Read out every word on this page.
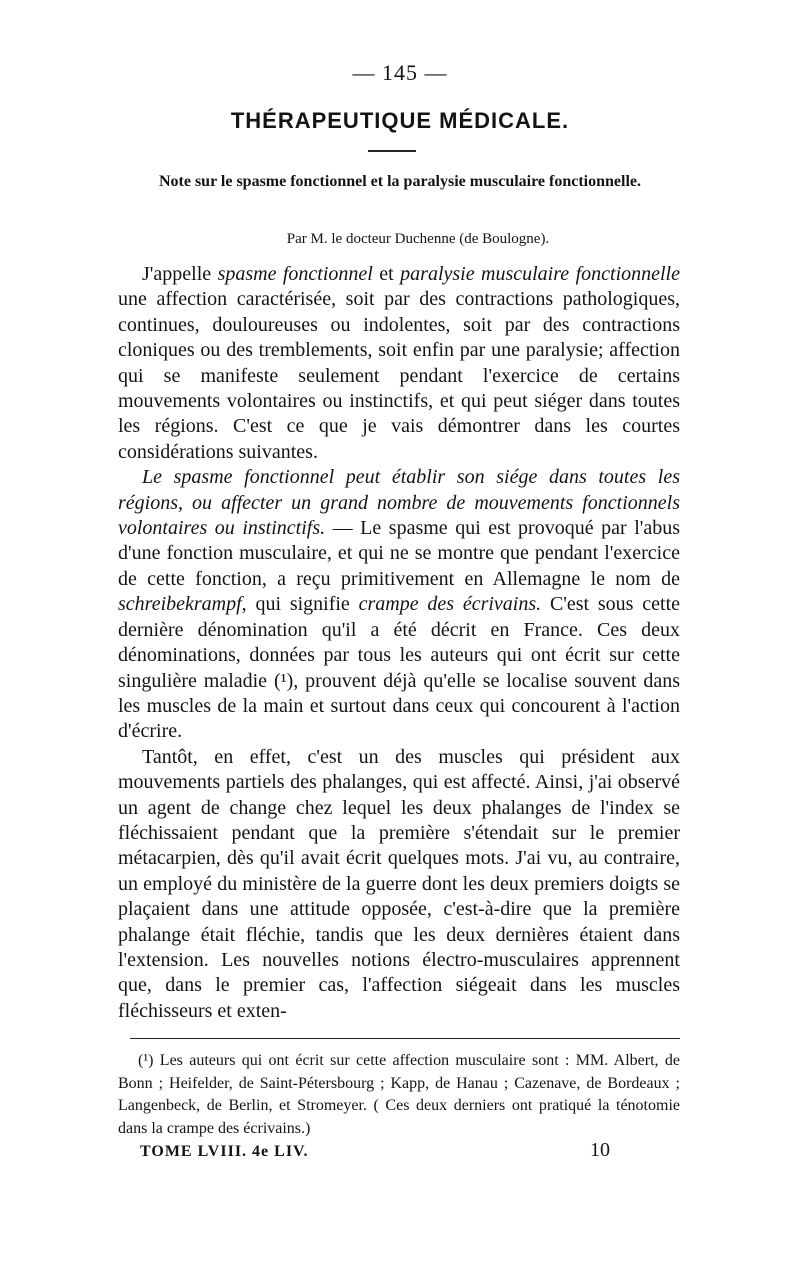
— 145 —
THÉRAPEUTIQUE MÉDICALE.
Note sur le spasme fonctionnel et la paralysie musculaire fonctionnelle.
Par M. le docteur Duchenne (de Boulogne).

J'appelle spasme fonctionnel et paralysie musculaire fonctionnelle une affection caractérisée, soit par des contractions pathologiques, continues, douloureuses ou indolentes, soit par des contractions cloniques ou des tremblements, soit enfin par une paralysie; affection qui se manifeste seulement pendant l'exercice de certains mouvements volontaires ou instinctifs, et qui peut siéger dans toutes les régions. C'est ce que je vais démontrer dans les courtes considérations suivantes.

Le spasme fonctionnel peut établir son siége dans toutes les régions, ou affecter un grand nombre de mouvements fonctionnels volontaires ou instinctifs. — Le spasme qui est provoqué par l'abus d'une fonction musculaire, et qui ne se montre que pendant l'exercice de cette fonction, a reçu primitivement en Allemagne le nom de schreibekrampf, qui signifie crampe des écrivains. C'est sous cette dernière dénomination qu'il a été décrit en France. Ces deux dénominations, données par tous les auteurs qui ont écrit sur cette singulière maladie (¹), prouvent déjà qu'elle se localise souvent dans les muscles de la main et surtout dans ceux qui concourent à l'action d'écrire.

Tantôt, en effet, c'est un des muscles qui président aux mouvements partiels des phalanges, qui est affecté. Ainsi, j'ai observé un agent de change chez lequel les deux phalanges de l'index se fléchissaient pendant que la première s'étendait sur le premier métacarpien, dès qu'il avait écrit quelques mots. J'ai vu, au contraire, un employé du ministère de la guerre dont les deux premiers doigts se plaçaient dans une attitude opposée, c'est-à-dire que la première phalange était fléchie, tandis que les deux dernières étaient dans l'extension. Les nouvelles notions électro-musculaires apprennent que, dans le premier cas, l'affection siégeait dans les muscles fléchisseurs et exten-

(¹) Les auteurs qui ont écrit sur cette affection musculaire sont : MM. Albert, de Bonn ; Heifelder, de Saint-Pétersbourg ; Kapp, de Hanau ; Cazenave, de Bordeaux ; Langenbeck, de Berlin, et Stromeyer. ( Ces deux derniers ont pratiqué la ténotomie dans la crampe des écrivains.)

TOME LVIII. 4e LIV.	10
